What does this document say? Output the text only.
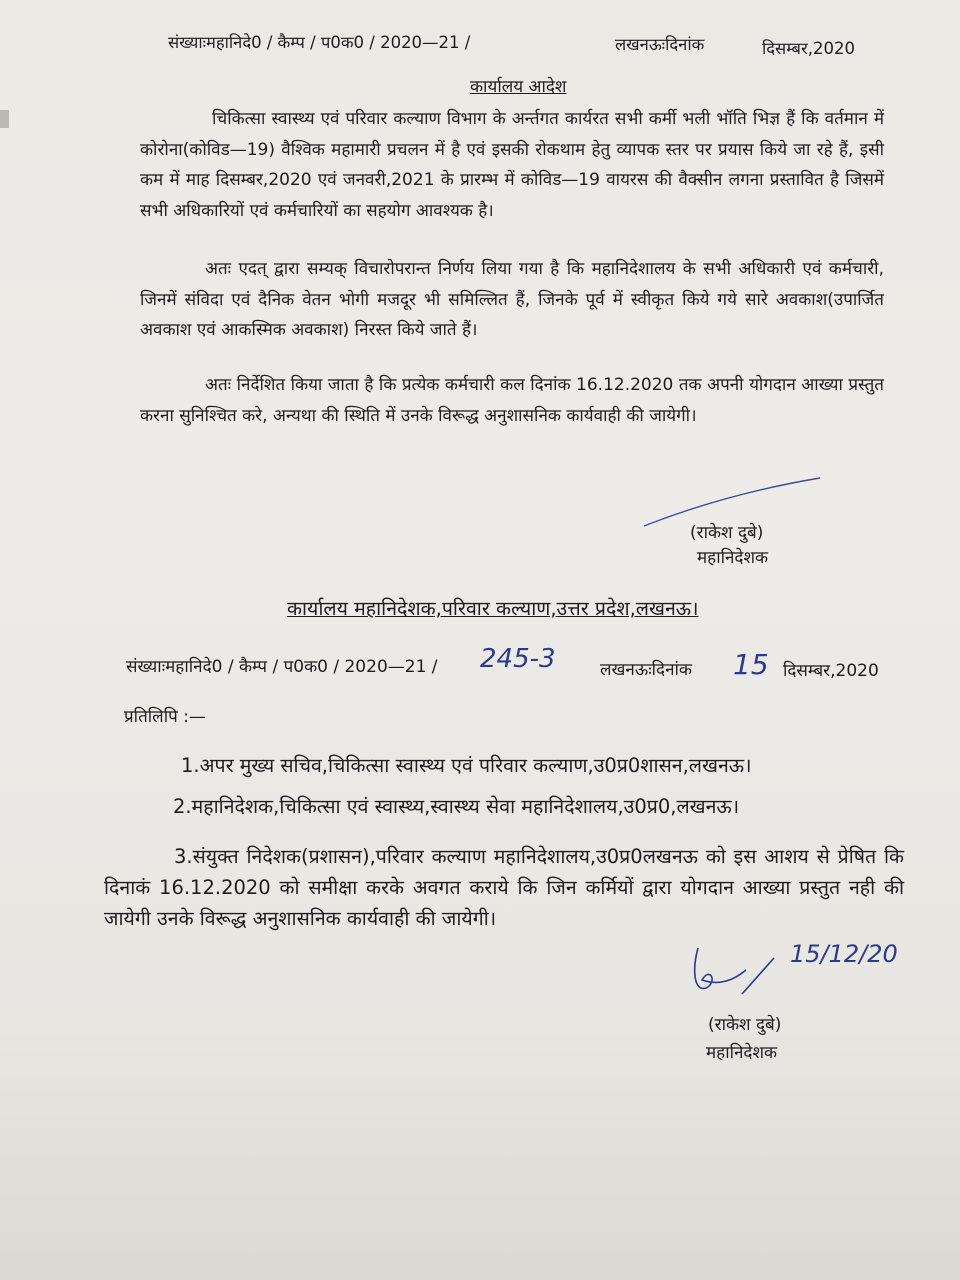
संख्याःमहानिदे0 / कैम्प / प0क0 / 2020—21 /	लखनऊःदिनांक	दिसम्बर,2020
कार्यालय आदेश
चिकित्सा स्वास्थ्य एवं परिवार कल्याण विभाग के अर्न्तगत कार्यरत सभी कर्मी भली भॉति भिज्ञ हैं कि वर्तमान में कोरोना(कोविड—19) वैश्विक महामारी प्रचलन में है एवं इसकी रोकथाम हेतु व्यापक स्तर पर प्रयास किये जा रहे हैं, इसी कम में माह दिसम्बर,2020 एवं जनवरी,2021 के प्रारम्भ में कोविड—19 वायरस की वैक्सीन लगना प्रस्तावित है जिसमें सभी अधिकारियों एवं कर्मचारियों का सहयोग आवश्यक है।
अतः एदत् द्वारा सम्यक् विचारोपरान्त निर्णय लिया गया है कि महानिदेशालय के सभी अधिकारी एवं कर्मचारी, जिनमें संविदा एवं दैनिक वेतन भोगी मजदूर भी समिल्लित हैं, जिनके पूर्व में स्वीकृत किये गये सारे अवकाश(उपार्जित अवकाश एवं आकस्मिक अवकाश) निरस्त किये जाते हैं।
अतः निर्देशित किया जाता है कि प्रत्येक कर्मचारी कल दिनांक 16.12.2020 तक अपनी योगदान आख्या प्रस्तुत करना सुनिश्चित करे, अन्यथा की स्थिति में उनके विरूद्ध अनुशासनिक कार्यवाही की जायेगी।
(राकेश दुबे)
महानिदेशक
कार्यालय महानिदेशक,परिवार कल्याण,उत्तर प्रदेश,लखनऊ।
संख्याःमहानिदे0 / कैम्प / प0क0 / 2020—21 / 245-3	लखनऊःदिनांक 15 दिसम्बर,2020
प्रतिलिपि :—
1.अपर मुख्य सचिव,चिकित्सा स्वास्थ्य एवं परिवार कल्याण,उ0प्र0शासन,लखनऊ।
2.महानिदेशक,चिकित्सा एवं स्वास्थ्य,स्वास्थ्य सेवा महानिदेशालय,उ0प्र0,लखनऊ।
3.संयुक्त निदेशक(प्रशासन),परिवार कल्याण महानिदेशालय,उ0प्र0लखनऊ को इस आशय से प्रेषित कि दिनाकं 16.12.2020 को समीक्षा करके अवगत कराये कि जिन कर्मियों द्वारा योगदान आख्या प्रस्तुत नही की जायेगी उनके विरूद्ध अनुशासनिक कार्यवाही की जायेगी।
15/12/20
(राकेश दुबे)
महानिदेशक
